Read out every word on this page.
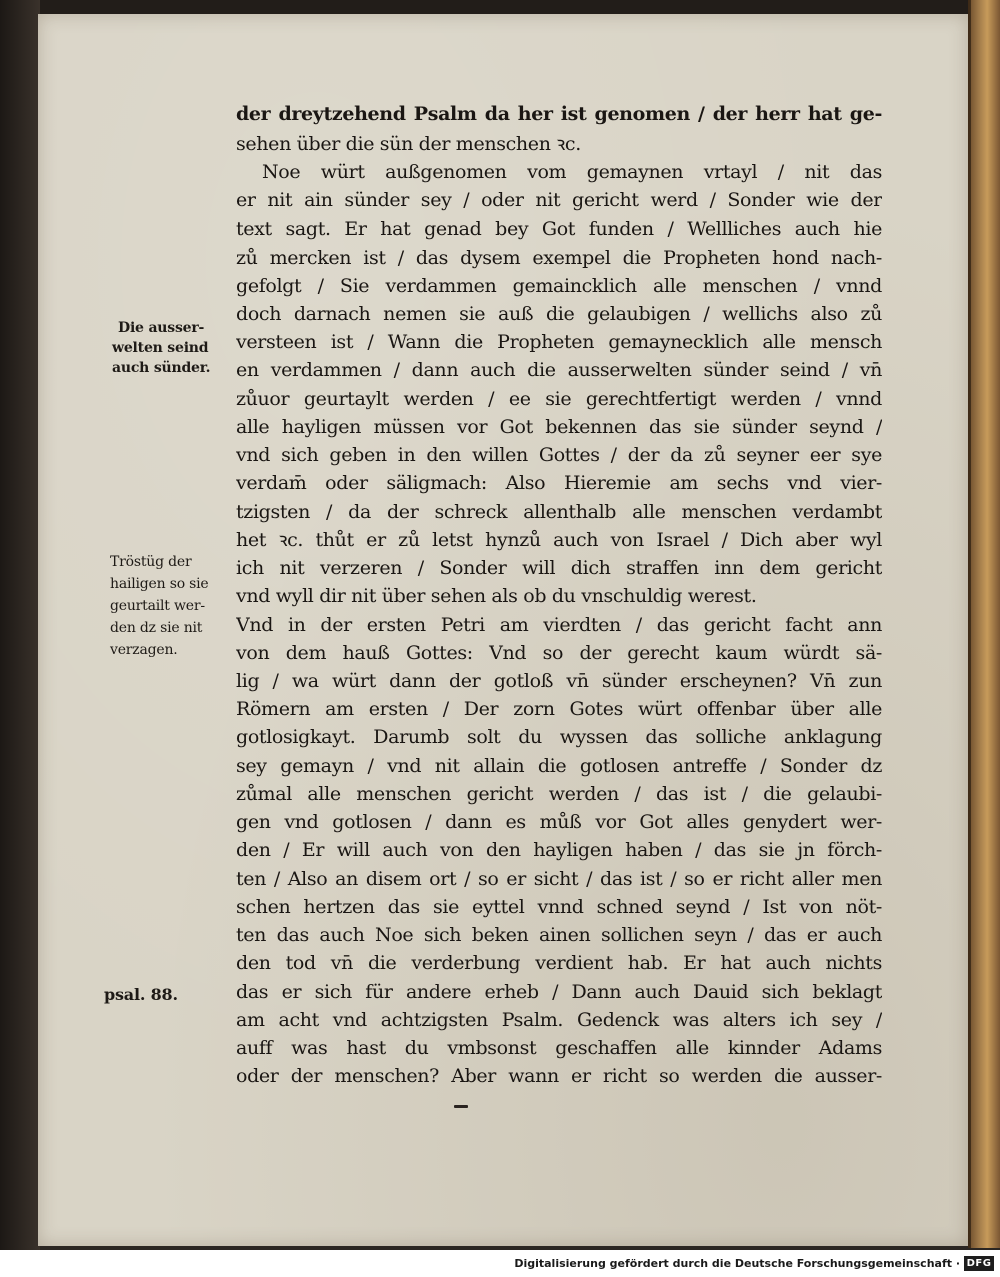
der dreytzehend Psalm da her ist genomen / der herr hat ge-
sehen über die sün der menschen ꝛc.
Noe würt außgenomen vom gemaynen vrtayl / nit das
er nit ain sünder sey / oder nit gericht werd / Sonder wie der
text sagt. Er hat genad bey Got funden / Wellliches auch hie
zů mercken ist / das dysem exempel die Propheten hond nach-
gefolgt / Sie verdammen gemaincklich alle menschen / vnnd
doch darnach nemen sie auß die gelaubigen / wellichs also zů
versteen ist / Wann die Propheten gemaynecklich alle mensch
en verdammen / dann auch die ausserwelten sünder seind / vn̄
zůuor geurtaylt werden / ee sie gerechtfertigt werden / vnnd
alle hayligen müssen vor Got bekennen das sie sünder seynd /
vnd sich geben in den willen Gottes / der da zů seyner eer sye
verdam̄ oder säligmach: Also Hieremie am sechs vnd vier-
tzigsten / da der schreck allenthalb alle menschen verdambt
het ꝛc. thůt er zů letst hynzů auch von Israel / Dich aber wyl
ich nit verzeren / Sonder will dich straffen inn dem gericht
vnd wyll dir nit über sehen als ob du vnschuldig werest.
Vnd in der ersten Petri am vierdten / das gericht facht ann
von dem hauß Gottes: Vnd so der gerecht kaum würdt sä-
lig / wa würt dann der gotloß vn̄ sünder erscheynen? Vn̄ zun
Römern am ersten / Der zorn Gotes würt offenbar über alle
gotlosigkayt. Darumb solt du wyssen das solliche anklagung
sey gemayn / vnd nit allain die gotlosen antreffe / Sonder dz
zůmal alle menschen gericht werden / das ist / die gelaubi-
gen vnd gotlosen / dann es můß vor Got alles genydert wer-
den / Er will auch von den hayligen haben / das sie jn förch-
ten / Also an disem ort / so er sicht / das ist / so er richt aller men
schen hertzen das sie eyttel vnnd schned seynd / Ist von nöt-
ten das auch Noe sich beken ainen sollichen seyn / das er auch
den tod vn̄ die verderbung verdient hab. Er hat auch nichts
das er sich für andere erheb / Dann auch Dauid sich beklagt
am acht vnd achtzigsten Psalm. Gedenck was alters ich sey /
auff was hast du vmbsonst geschaffen alle kinnder Adams
oder der menschen? Aber wann er richt so werden die ausser-
Die ausser-
welten seind
auch sünder.
Tröstüg der
hailigen so sie
geurtailt wer-
den dz sie nit
verzagen.
psal. 88.
Digitalisierung gefördert durch die Deutsche Forschungsgemeinschaft · DFG
